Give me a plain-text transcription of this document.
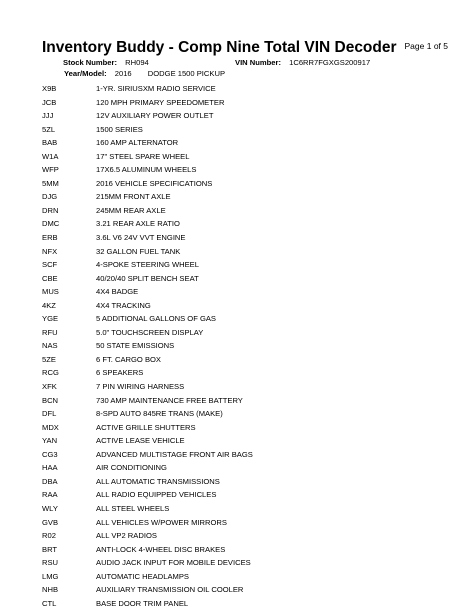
Inventory Buddy - Comp Nine Total VIN Decoder Page 1 of 5
Stock Number: RH094	VIN Number: 1C6RR7FGXGS200917
Year/Model: 2016 DODGE 1500 PICKUP
X9B	1-YR. SIRIUSXM RADIO SERVICE
JCB	120 MPH PRIMARY SPEEDOMETER
JJJ	12V AUXILIARY POWER OUTLET
5ZL	1500 SERIES
BAB	160 AMP ALTERNATOR
W1A	17" STEEL SPARE WHEEL
WFP	17X6.5 ALUMINUM WHEELS
5MM	2016 VEHICLE SPECIFICATIONS
DJG	215MM FRONT AXLE
DRN	245MM REAR AXLE
DMC	3.21 REAR AXLE RATIO
ERB	3.6L V6 24V VVT ENGINE
NFX	32 GALLON FUEL TANK
SCF	4-SPOKE STEERING WHEEL
CBE	40/20/40 SPLIT BENCH SEAT
MUS	4X4 BADGE
4KZ	4X4 TRACKING
YGE	5 ADDITIONAL GALLONS OF GAS
RFU	5.0" TOUCHSCREEN DISPLAY
NAS	50 STATE EMISSIONS
5ZE	6 FT. CARGO BOX
RCG	6 SPEAKERS
XFK	7 PIN WIRING HARNESS
BCN	730 AMP MAINTENANCE FREE BATTERY
DFL	8-SPD AUTO 845RE TRANS (MAKE)
MDX	ACTIVE GRILLE SHUTTERS
YAN	ACTIVE LEASE VEHICLE
CG3	ADVANCED MULTISTAGE FRONT AIR BAGS
HAA	AIR CONDITIONING
DBA	ALL AUTOMATIC TRANSMISSIONS
RAA	ALL RADIO EQUIPPED VEHICLES
WLY	ALL STEEL WHEELS
GVB	ALL VEHICLES W/POWER MIRRORS
R02	ALL VP2 RADIOS
BRT	ANTI-LOCK 4-WHEEL DISC BRAKES
RSU	AUDIO JACK INPUT FOR MOBILE DEVICES
LMG	AUTOMATIC HEADLAMPS
NHB	AUXILIARY TRANSMISSION OIL COOLER
CTL	BASE DOOR TRIM PANEL
